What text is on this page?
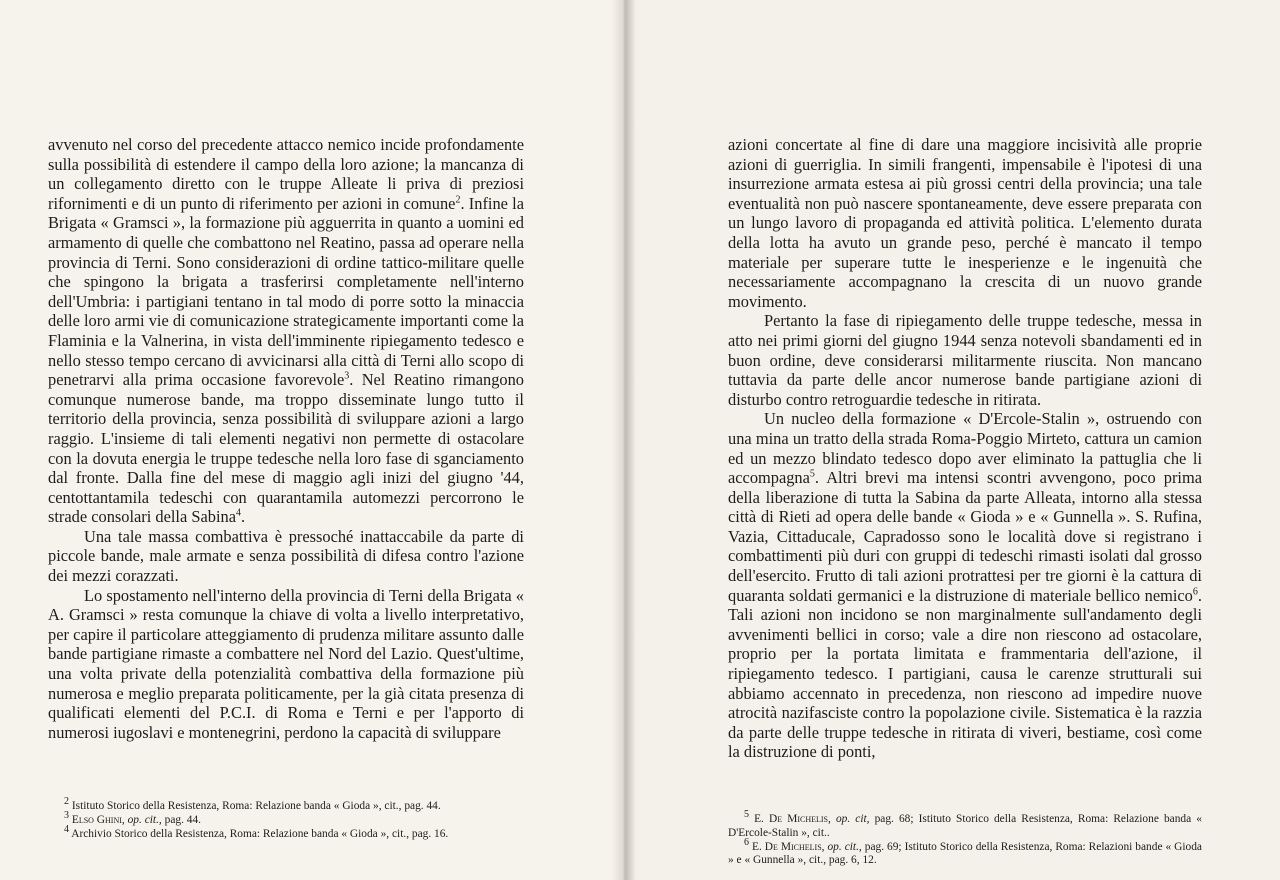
avvenuto nel corso del precedente attacco nemico incide profondamente sulla possibilità di estendere il campo della loro azione; la mancanza di un collegamento diretto con le truppe Alleate li priva di preziosi rifornimenti e di un punto di riferimento per azioni in comune$^2$. Infine la Brigata « Gramsci », la formazione più agguerrita in quanto a uomini ed armamento di quelle che combattono nel Reatino, passa ad operare nella provincia di Terni. Sono considerazioni di ordine tattico-militare quelle che spingono la brigata a trasferirsi completamente nell'interno dell'Umbria: i partigiani tentano in tal modo di porre sotto la minaccia delle loro armi vie di comunicazione strategicamente importanti come la Flaminia e la Valnerina, in vista dell'imminente ripiegamento tedesco e nello stesso tempo cercano di avvicinarsi alla città di Terni allo scopo di penetrarvi alla prima occasione favorevole$^3$. Nel Reatino rimangono comunque numerose bande, ma troppo disseminate lungo tutto il territorio della provincia, senza possibilità di sviluppare azioni a largo raggio. L'insieme di tali elementi negativi non permette di ostacolare con la dovuta energia le truppe tedesche nella loro fase di sganciamento dal fronte. Dalla fine del mese di maggio agli inizi del giugno '44, centottantamila tedeschi con quarantamila automezzi percorrono le strade consolari della Sabina$^4$.

Una tale massa combattiva è pressoché inattaccabile da parte di piccole bande, male armate e senza possibilità di difesa contro l'azione dei mezzi corazzati.

Lo spostamento nell'interno della provincia di Terni della Brigata « A. Gramsci » resta comunque la chiave di volta a livello interpretativo, per capire il particolare atteggiamento di prudenza militare assunto dalle bande partigiane rimaste a combattere nel Nord del Lazio. Quest'ultime, una volta private della potenzialità combattiva della formazione più numerosa e meglio preparata politicamente, per la già citata presenza di qualificati elementi del P.C.I. di Roma e Terni e per l'apporto di numerosi iugoslavi e montenegrini, perdono la capacità di sviluppare

$^2$ Istituto Storico della Resistenza, Roma: Relazione banda « Gioda », cit., pag. 44.

$^3$ Elso Ghini, op. cit., pag. 44.

$^4$ Archivio Storico della Resistenza, Roma: Relazione banda « Gioda », cit., pag. 16.

azioni concertate al fine di dare una maggiore incisività alle proprie azioni di guerriglia. In simili frangenti, impensabile è l'ipotesi di una insurrezione armata estesa ai più grossi centri della provincia; una tale eventualità non può nascere spontaneamente, deve essere preparata con un lungo lavoro di propaganda ed attività politica. L'elemento durata della lotta ha avuto un grande peso, perché è mancato il tempo materiale per superare tutte le inesperienze e le ingenuità che necessariamente accompagnano la crescita di un nuovo grande movimento.

Pertanto la fase di ripiegamento delle truppe tedesche, messa in atto nei primi giorni del giugno 1944 senza notevoli sbandamenti ed in buon ordine, deve considerarsi militarmente riuscita. Non mancano tuttavia da parte delle ancor numerose bande partigiane azioni di disturbo contro retroguardie tedesche in ritirata.

Un nucleo della formazione « D'Ercole-Stalin », ostruendo con una mina un tratto della strada Roma-Poggio Mirteto, cattura un camion ed un mezzo blindato tedesco dopo aver eliminato la pattuglia che li accompagna$^5$. Altri brevi ma intensi scontri avvengono, poco prima della liberazione di tutta la Sabina da parte Alleata, intorno alla stessa città di Rieti ad opera delle bande « Gioda » e « Gunnella ». S. Rufina, Vazia, Cittaducale, Capradosso sono le località dove si registrano i combattimenti più duri con gruppi di tedeschi rimasti isolati dal grosso dell'esercito. Frutto di tali azioni protrattesi per tre giorni è la cattura di quaranta soldati germanici e la distruzione di materiale bellico nemico$^6$. Tali azioni non incidono se non marginalmente sull'andamento degli avvenimenti bellici in corso; vale a dire non riescono ad ostacolare, proprio per la portata limitata e frammentaria dell'azione, il ripiegamento tedesco. I partigiani, causa le carenze strutturali sui abbiamo accennato in precedenza, non riescono ad impedire nuove atrocità nazifasciste contro la popolazione civile. Sistematica è la razzia da parte delle truppe tedesche in ritirata di viveri, bestiame, così come la distruzione di ponti,

$^5$ E. De Michelis, op. cit, pag. 68; Istituto Storico della Resistenza, Roma: Relazione banda « D'Ercole-Stalin », cit..

$^6$ E. De Michelis, op. cit., pag. 69; Istituto Storico della Resistenza, Roma: Relazioni bande « Gioda » e « Gunnella », cit., pag. 6, 12.
